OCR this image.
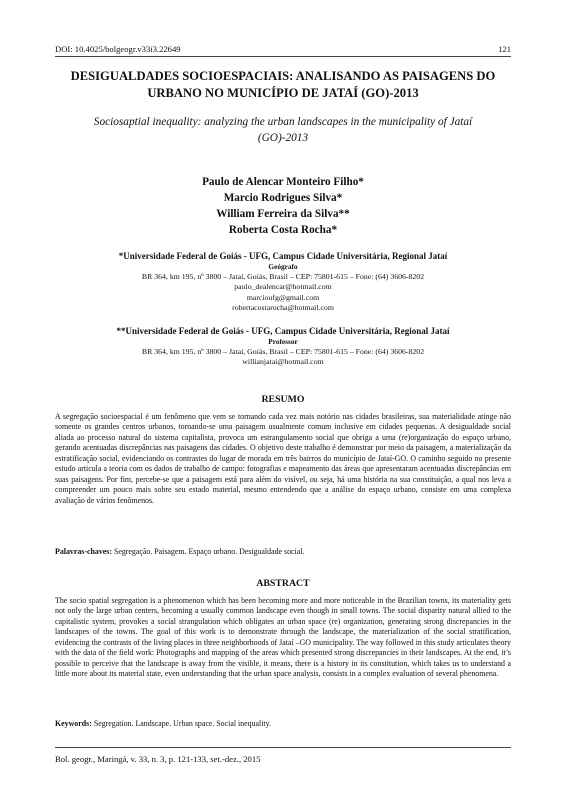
DOI: 10.4025/bolgeogr.v33i3.22649	121
DESIGUALDADES SOCIOESPACIAIS: ANALISANDO AS PAISAGENS DO URBANO NO MUNICÍPIO DE JATAÍ (GO)-2013
Sociosaptial inequality: analyzing the urban landscapes in the municipality of Jataí (GO)-2013
Paulo de Alencar Monteiro Filho*
Marcio Rodrigues Silva*
William Ferreira da Silva**
Roberta Costa Rocha*
*Universidade Federal de Goiás - UFG, Campus Cidade Universitária, Regional Jataí
Geógrafo
BR 364, km 195, nº 3800 – Jataí, Goiás, Brasil – CEP: 75801-615 – Fone: (64) 3606-8202
paulo_dealencar@hotmail.com
marcioufg@gmail.com
robertacostarocha@hotmail.com
**Universidade Federal de Goiás - UFG, Campus Cidade Universitária, Regional Jataí
Professor
BR 364, km 195, nº 3800 – Jataí, Goiás, Brasil – CEP: 75801-615 – Fone: (64) 3606-8202
willianjatai@hotmail.com
RESUMO
A segregação socioespacial é um fenômeno que vem se tornando cada vez mais notório nas cidades brasileiras, sua materialidade atinge não somente os grandes centros urbanos, tornando-se uma paisagem usualmente comum inclusive em cidades pequenas. A desigualdade social aliada ao processo natural do sistema capitalista, provoca um estrangulamento social que obriga a uma (re)organização do espaço urbano, gerando acentuadas discrepâncias nas paisagens das cidades. O objetivo deste trabalho é demonstrar por meio da paisagem, a materialização da estratificação social, evidenciando os contrastes do lugar de morada em três bairros do município de Jataí-GO. O caminho seguido no presente estudo articula a teoria com os dados de trabalho de campo: fotografias e mapeamento das áreas que apresentaram acentuadas discrepâncias em suas paisagens. Por fim, percebe-se que a paisagem está para além do visível, ou seja, há uma história na sua constituição, a qual nos leva a compreender um pouco mais sobre seu estado material, mesmo entendendo que a análise do espaço urbano, consiste em uma complexa avaliação de vários fenômenos.
Palavras-chaves: Segregação. Paisagem. Espaço urbano. Desigualdade social.
ABSTRACT
The socio spatial segregation is a phenomenon which has been becoming more and more noticeable in the Brazilian towns, its materiality gets not only the large urban centers, becoming a usually common landscape even though in small towns. The social disparity natural allied to the capitalistic system, provokes a social strangulation which obligates an urban space (re) organization, generating strong discrepancies in the landscapes of the towns. The goal of this work is to demonstrate through the landscape, the materialization of the social stratification, evidencing the contrasts of the living places in three neighborhoods of Jataí –GO municipality. The way followed in this study articulates theory with the data of the field work: Photographs and mapping of the areas which presented strong discrepancies in their landscapes. At the end, it’s possible to perceive that the landscape is away from the visible, it means, there is a history in its constitution, which takes us to understand a little more about its material state, even understanding that the urban space analysis, consists in a complex evaluation of several phenomena.
Keywords: Segregation. Landscape. Urban space. Social inequality.
Bol. geogr., Maringá, v. 33, n. 3, p. 121-133, set.-dez., 2015
